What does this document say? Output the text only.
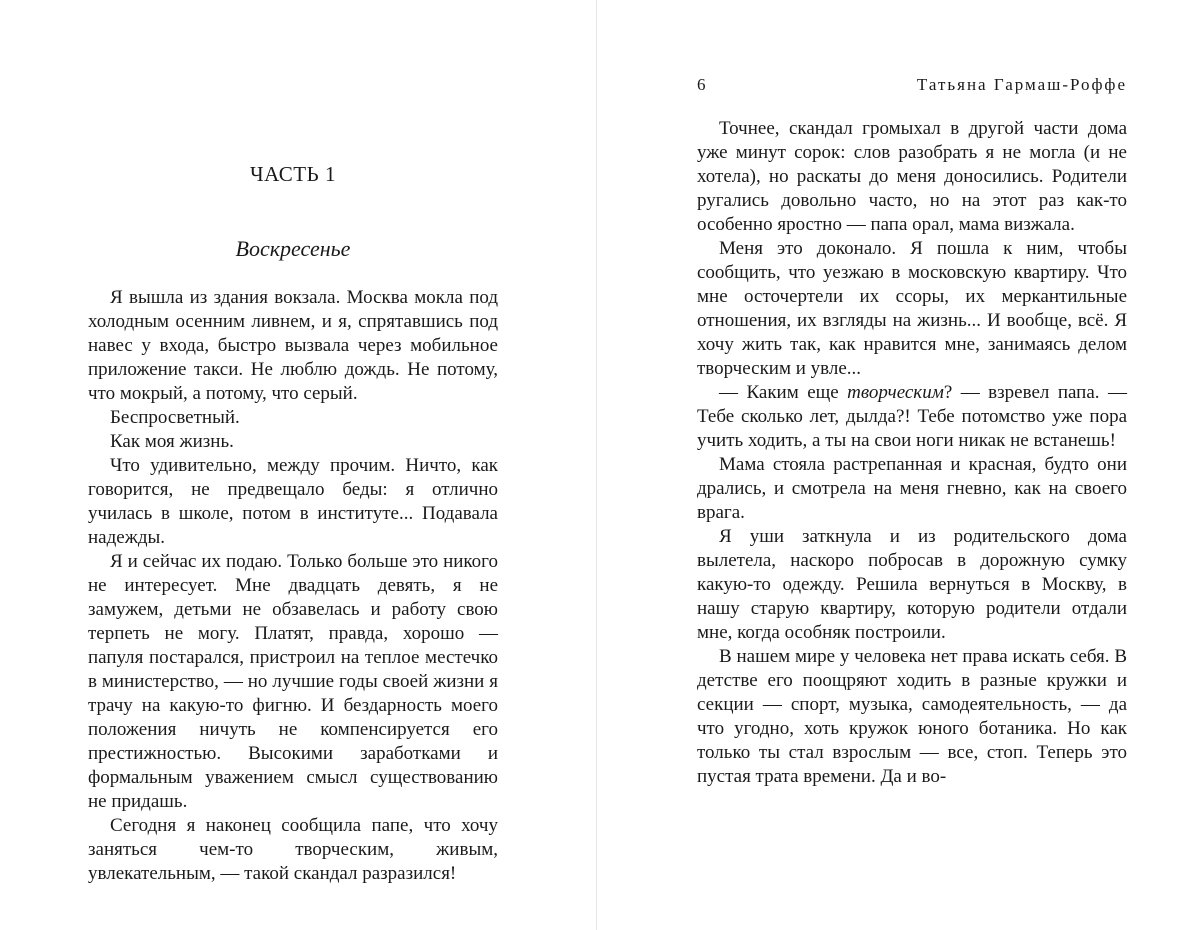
ЧАСТЬ 1
Воскресенье

Я вышла из здания вокзала. Москва мокла под холодным осенним ливнем, и я, спрятавшись под навес у входа, быстро вызвала через мобильное приложение такси. Не люблю дождь. Не потому, что мокрый, а потому, что серый.

Беспросветный.

Как моя жизнь.

Что удивительно, между прочим. Ничто, как говорится, не предвещало беды: я отлично училась в школе, потом в институте... Подавала надежды.

Я и сейчас их подаю. Только больше это никого не интересует. Мне двадцать девять, я не замужем, детьми не обзавелась и работу свою терпеть не могу. Платят, правда, хорошо — папуля постарался, пристроил на теплое местечко в министерство, — но лучшие годы своей жизни я трачу на какую-то фигню. И бездарность моего положения ничуть не компенсируется его престижностью. Высокими заработками и формальным уважением смысл существованию не придашь.

Сегодня я наконец сообщила папе, что хочу заняться чем-то творческим, живым, увлекательным, — такой скандал разразился!

6	Татьяна Гармаш-Роффе

Точнее, скандал громыхал в другой части дома уже минут сорок: слов разобрать я не могла (и не хотела), но раскаты до меня доносились. Родители ругались довольно часто, но на этот раз как-то особенно яростно — папа орал, мама визжала.

Меня это доконало. Я пошла к ним, чтобы сообщить, что уезжаю в московскую квартиру. Что мне осточертели их ссоры, их меркантильные отношения, их взгляды на жизнь... И вообще, всё. Я хочу жить так, как нравится мне, занимаясь делом творческим и увле...

— Каким еще творческим? — взревел папа. — Тебе сколько лет, дылда?! Тебе потомство уже пора учить ходить, а ты на свои ноги никак не встанешь!

Мама стояла растрепанная и красная, будто они дрались, и смотрела на меня гневно, как на своего врага.

Я уши заткнула и из родительского дома вылетела, наскоро побросав в дорожную сумку какую-то одежду. Решила вернуться в Москву, в нашу старую квартиру, которую родители отдали мне, когда особняк построили.

В нашем мире у человека нет права искать себя. В детстве его поощряют ходить в разные кружки и секции — спорт, музыка, самодеятельность, — да что угодно, хоть кружок юного ботаника. Но как только ты стал взрослым — все, стоп. Теперь это пустая трата времени. Да и во-
